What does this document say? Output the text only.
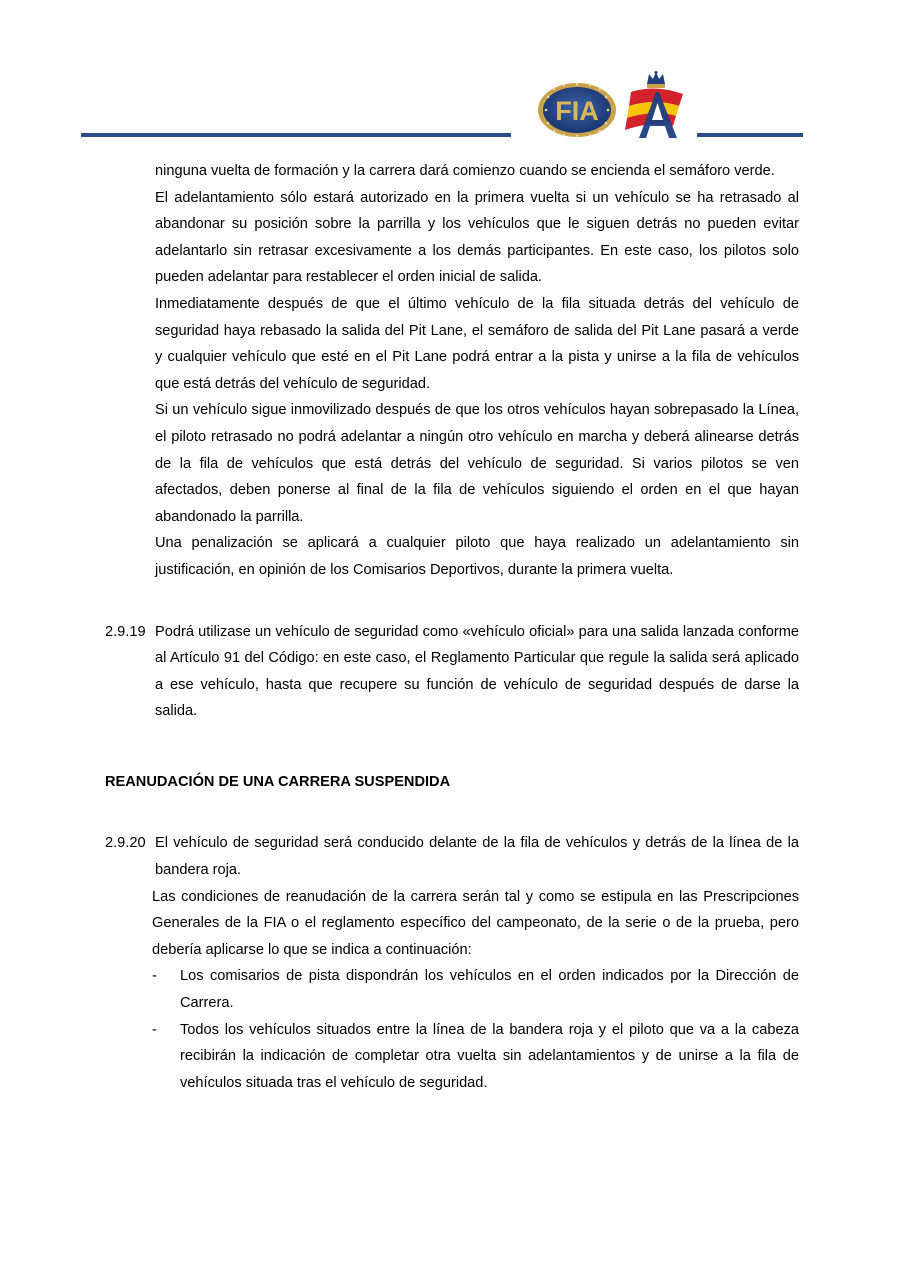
FIA

ninguna vuelta de formación y la carrera dará comienzo cuando se encienda el semáforo verde.

El adelantamiento sólo estará autorizado en la primera vuelta si un vehículo se ha retrasado al abandonar su posición sobre la parrilla y los vehículos que le siguen detrás no pueden evitar adelantarlo sin retrasar excesivamente a los demás participantes. En este caso, los pilotos solo pueden adelantar para restablecer el orden inicial de salida.

Inmediatamente después de que el último vehículo de la fila situada detrás del vehículo de seguridad haya rebasado la salida del Pit Lane, el semáforo de salida del Pit Lane pasará a verde y cualquier vehículo que esté en el Pit Lane podrá entrar a la pista y unirse a la fila de vehículos que está detrás del vehículo de seguridad.

Si un vehículo sigue inmovilizado después de que los otros vehículos hayan sobrepasado la Línea, el piloto retrasado no podrá adelantar a ningún otro vehículo en marcha y deberá alinearse detrás de la fila de vehículos que está detrás del vehículo de seguridad. Si varios pilotos se ven afectados, deben ponerse al final de la fila de vehículos siguiendo el orden en el que hayan abandonado la parrilla.

Una penalización se aplicará a cualquier piloto que haya realizado un adelantamiento sin justificación, en opinión de los Comisarios Deportivos, durante la primera vuelta.

2.9.19 Podrá utilizase un vehículo de seguridad como «vehículo oficial» para una salida lanzada conforme al Artículo 91 del Código: en este caso, el Reglamento Particular que regule la salida será aplicado a ese vehículo, hasta que recupere su función de vehículo de seguridad después de darse la salida.

REANUDACIÓN DE UNA CARRERA SUSPENDIDA
2.9.20 El vehículo de seguridad será conducido delante de la fila de vehículos y detrás de la línea de la bandera roja.

Las condiciones de reanudación de la carrera serán tal y como se estipula en las Prescripciones Generales de la FIA o el reglamento específico del campeonato, de la serie o de la prueba, pero debería aplicarse lo que se indica a continuación:

- Los comisarios de pista dispondrán los vehículos en el orden indicados por la Dirección de Carrera.

- Todos los vehículos situados entre la línea de la bandera roja y el piloto que va a la cabeza recibirán la indicación de completar otra vuelta sin adelantamientos y de unirse a la fila de vehículos situada tras el vehículo de seguridad.
